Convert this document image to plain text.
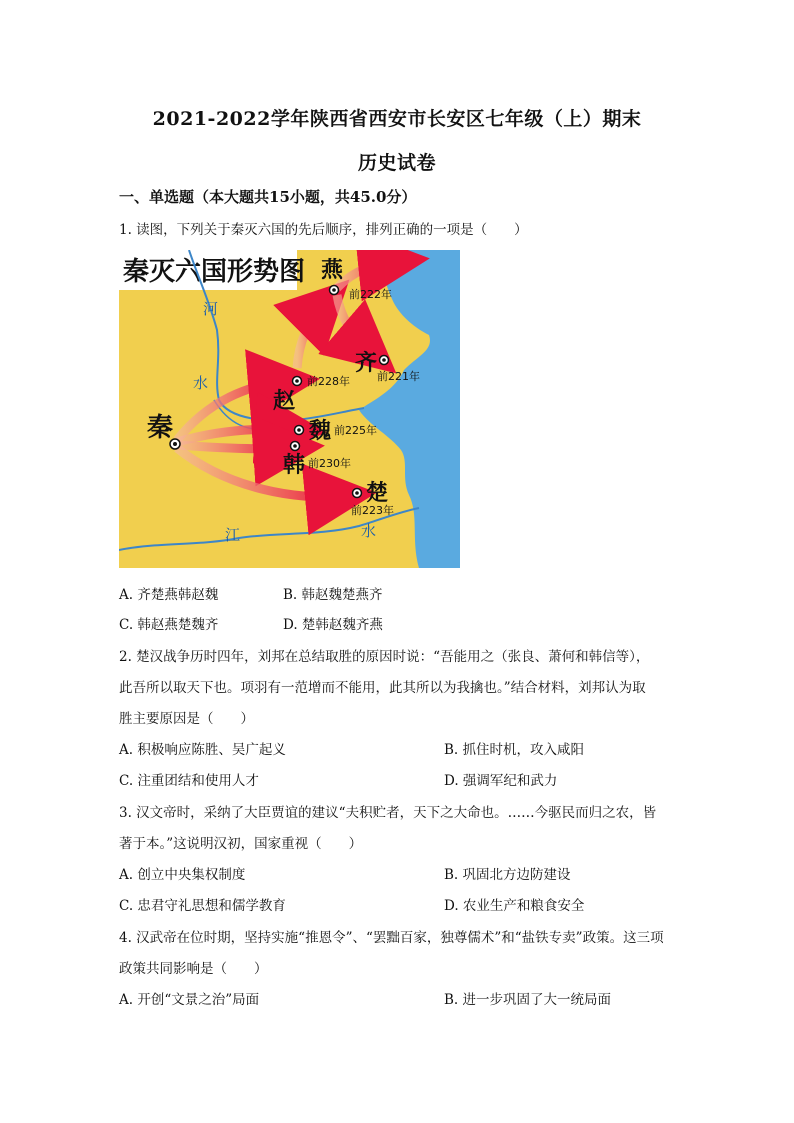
2021-2022学年陕西省西安市长安区七年级（上）期末
历史试卷
一、单选题（本大题共15小题，共45.0分）
1. 读图，下列关于秦灭六国的先后顺序，排列正确的一项是（　　）
秦灭六国形势图
河
水
江	水
秦
赵
前228年
魏 前225年
韩 前230年
楚
前223年
燕
前222年
齐
前221年
A. 齐楚燕韩赵魏	B. 韩赵魏楚燕齐
C. 韩赵燕楚魏齐	D. 楚韩赵魏齐燕
2. 楚汉战争历时四年，刘邦在总结取胜的原因时说：“吾能用之（张良、萧何和韩信等），
此吾所以取天下也。项羽有一范增而不能用，此其所以为我擒也。”结合材料，刘邦认为取
胜主要原因是（　　）
A. 积极响应陈胜、吴广起义	B. 抓住时机，攻入咸阳
C. 注重团结和使用人才	D. 强调军纪和武力
3. 汉文帝时，采纳了大臣贾谊的建议“夫积贮者，天下之大命也。……今驱民而归之农，皆
著于本。”这说明汉初，国家重视（　　）
A. 创立中央集权制度	B. 巩固北方边防建设
C. 忠君守礼思想和儒学教育	D. 农业生产和粮食安全
4. 汉武帝在位时期，坚持实施“推恩令”、“罢黜百家，独尊儒术”和“盐铁专卖”政策。这三项
政策共同影响是（　　）
A. 开创“文景之治”局面	B. 进一步巩固了大一统局面
